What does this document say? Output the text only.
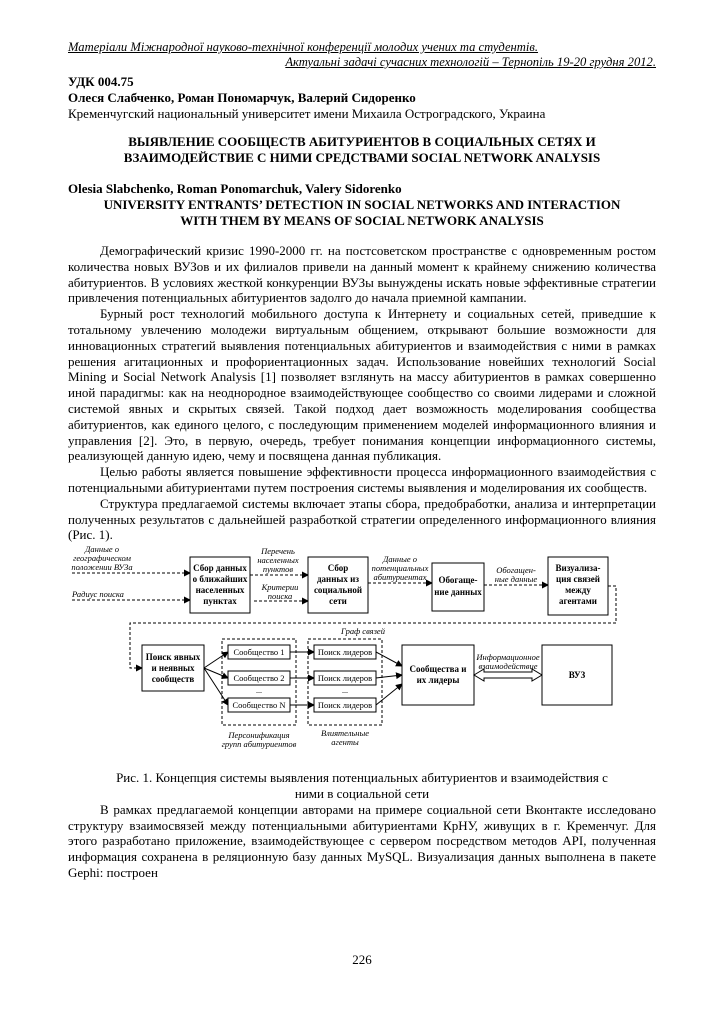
Матеріали Міжнародної науково-технічної конференції молодих учених та студентів.
Актуальні задачі сучасних технологій – Тернопіль 19-20 грудня 2012.
УДК 004.75
Олеся Слабченко, Роман Пономарчук, Валерий Сидоренко
Кременчугский национальный университет имени Михаила Остроградского, Украина
ВЫЯВЛЕНИЕ СООБЩЕСТВ АБИТУРИЕНТОВ В СОЦИАЛЬНЫХ СЕТЯХ И
ВЗАИМОДЕЙСТВИЕ С НИМИ СРЕДСТВАМИ SOCIAL NETWORK ANALYSIS
Olesia Slabchenko, Roman Ponomarchuk, Valery Sidorenko
UNIVERSITY ENTRANTS’ DETECTION IN SOCIAL NETWORKS AND INTERACTION
WITH THEM BY MEANS OF SOCIAL NETWORK ANALYSIS

Демографический кризис 1990-2000 гг. на постсоветском пространстве с одновременным ростом количества новых ВУЗов и их филиалов привели на данный момент к крайнему снижению количества абитуриентов. В условиях жесткой конкуренции ВУЗы вынуждены искать новые эффективные стратегии привлечения потенциальных абитуриентов задолго до начала приемной кампании.

Бурный рост технологий мобильного доступа к Интернету и социальных сетей, приведшие к тотальному увлечению молодежи виртуальным общением, открывают большие возможности для инновационных стратегий выявления потенциальных абитуриентов и взаимодействия с ними в рамках решения агитационных и профориентационных задач. Использование новейших технологий Social Mining и Social Network Analysis [1] позволяет взглянуть на массу абитуриентов в рамках совершенно иной парадигмы: как на неоднородное взаимодействующее сообщество со своими лидерами и сложной системой явных и скрытых связей. Такой подход дает возможность моделирования сообщества абитуриентов, как единого целого, с последующим применением моделей информационного влияния и управления [2]. Это, в первую, очередь, требует понимания концепции информационного системы, реализующей данную идею, чему и посвящена данная публикация.

Целью работы является повышение эффективности процесса информационного взаимодействия с потенциальными абитуриентами путем построения системы выявления и моделирования их сообществ.

Структура предлагаемой системы включает этапы сбора, предобработки, анализа и интерпретации полученных результатов с дальнейшей разработкой стратегии определенного информационного влияния (Рис. 1).

Данные о
географическом
положении ВУЗа
Радиус поиска
Сбор данных
о ближайших
населенных
пунктах
Перечень
населенных
пунктов
Критерии
поиска
Сбор
данных из
социальной
сети
Данные о
потенциальных
абитуриентах Обогаще-
ние данных
Обогащен-
ные данные
Визуализа-
ция связей
между
агентами
Граф связей
Поиск явных
и неявных
сообществ
Сообщество 1
Сообщество 2
...
Сообщество N
Поиск лидеров
Поиск лидеров
...
Поиск лидеров
Сообщества и
их лидеры
Информационное
взаимодействие
ВУЗ
Персонификация
групп абитуриентов
Влиятельные
агенты
Рис. 1. Концепция системы выявления потенциальных абитуриентов и взаимодействия с
ними в социальной сети

В рамках предлагаемой концепции авторами на примере социальной сети Вконтакте исследовано структуру взаимосвязей между потенциальными абитуриентами КрНУ, живущих в г. Кременчуг. Для этого разработано приложение, взаимодействующее с сервером посредством методов API, полученная информация сохранена в реляционную базу данных MySQL. Визуализация данных выполнена в пакете Gephi: построен

226
